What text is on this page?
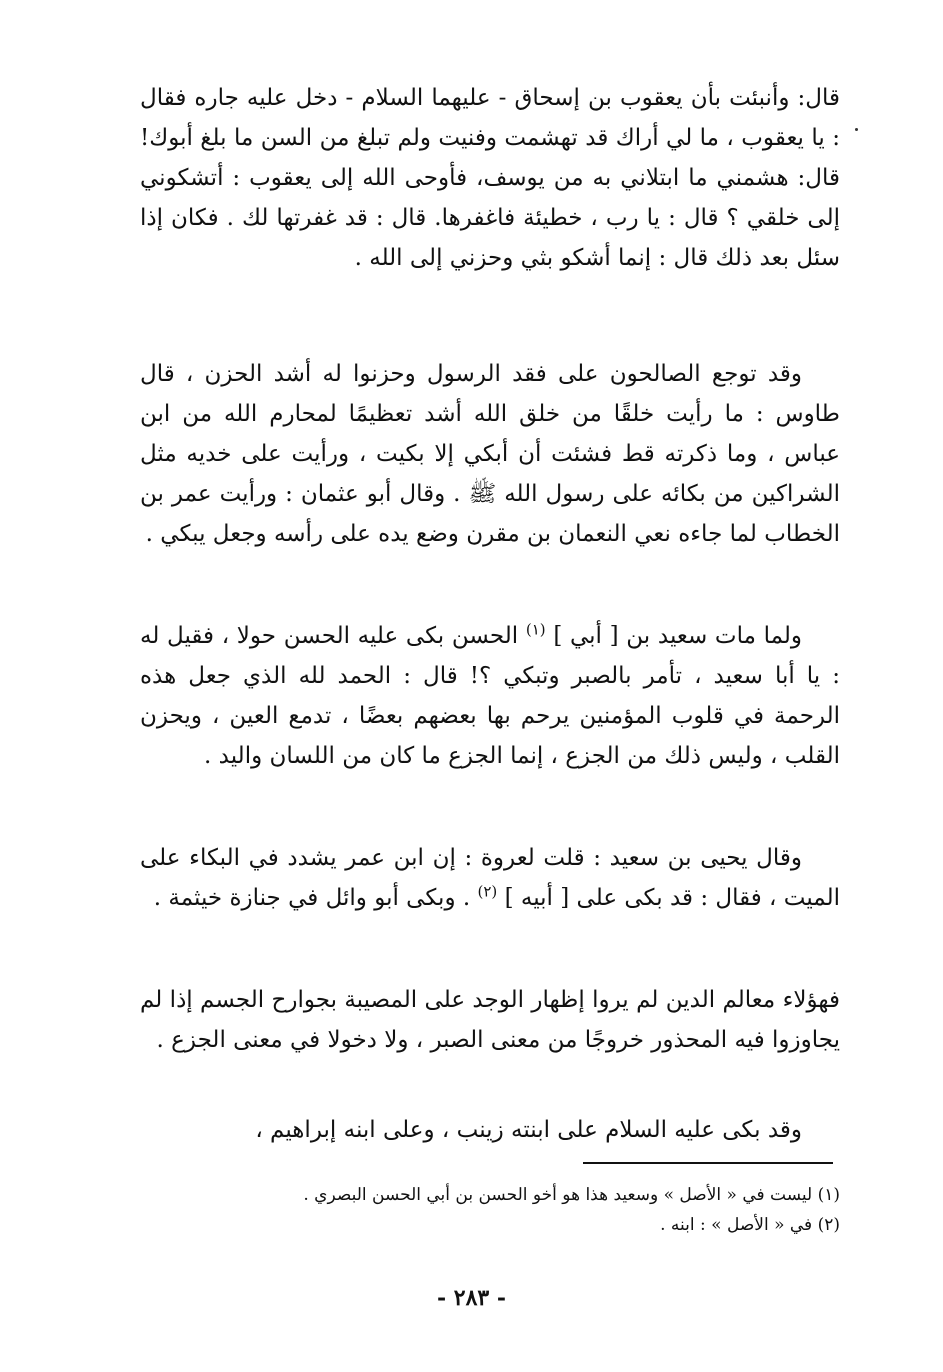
قال: وأنبئت بأن يعقوب بن إسحاق - عليهما السلام - دخل عليه جاره فقال : يا يعقوب ، ما لي أراك قد تهشمت وفنيت ولم تبلغ من السن ما بلغ أبوك! قال: هشمني ما ابتلاني به من يوسف، فأوحى الله إلى يعقوب : أتشكوني إلى خلقي ؟ قال : يا رب ، خطيئة فاغفرها. قال : قد غفرتها لك . فكان إذا سئل بعد ذلك قال : إنما أشكو بثي وحزني إلى الله .

وقد توجع الصالحون على فقد الرسول وحزنوا له أشد الحزن ، قال طاوس : ما رأيت خلقًا من خلق الله أشد تعظيمًا لمحارم الله من ابن عباس ، وما ذكرته قط فشئت أن أبكي إلا بكيت ، ورأيت على خديه مثل الشراكين من بكائه على رسول الله ﷺ . وقال أبو عثمان : ورأيت عمر بن الخطاب لما جاءه نعي النعمان بن مقرن وضع يده على رأسه وجعل يبكي .

ولما مات سعيد بن [ أبي ] $^{(١)}$ الحسن بكى عليه الحسن حولا ، فقيل له : يا أبا سعيد ، تأمر بالصبر وتبكي ؟! قال : الحمد لله الذي جعل هذه الرحمة في قلوب المؤمنين يرحم بها بعضهم بعضًا ، تدمع العين ، ويحزن القلب ، وليس ذلك من الجزع ، إنما الجزع ما كان من اللسان واليد .

وقال يحيى بن سعيد : قلت لعروة : إن ابن عمر يشدد في البكاء على الميت ، فقال : قد بكى على [ أبيه ] $^{(٢)}$ . وبكى أبو وائل في جنازة خيثمة .

فهؤلاء معالم الدين لم يروا إظهار الوجد على المصيبة بجوارح الجسم إذا لم يجاوزوا فيه المحذور خروجًا من معنى الصبر ، ولا دخولا في معنى الجزع .

وقد بكى عليه السلام على ابنته زينب ، وعلى ابنه إبراهيم ،

(١) ليست في « الأصل » وسعيد هذا هو أخو الحسن بن أبي الحسن البصري .

(٢) في « الأصل » : ابنه .

- ٢٨٣ -
